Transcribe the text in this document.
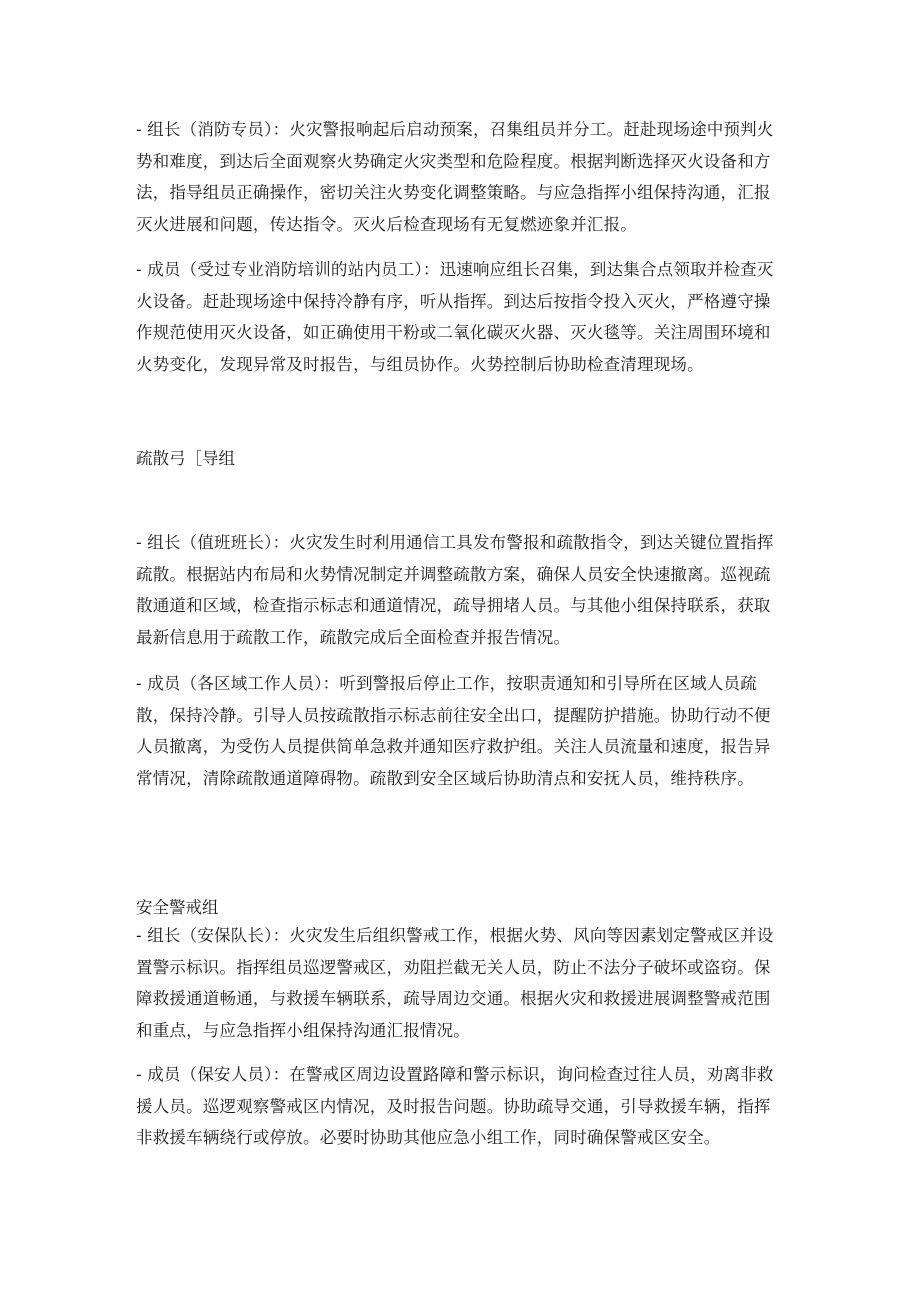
- 组长（消防专员）：火灾警报响起后启动预案，召集组员并分工。赶赴现场途中预判火势和难度，到达后全面观察火势确定火灾类型和危险程度。根据判断选择灭火设备和方法，指导组员正确操作，密切关注火势变化调整策略。与应急指挥小组保持沟通，汇报灭火进展和问题，传达指令。灭火后检查现场有无复燃迹象并汇报。

- 成员（受过专业消防培训的站内员工）：迅速响应组长召集，到达集合点领取并检查灭火设备。赶赴现场途中保持冷静有序，听从指挥。到达后按指令投入灭火，严格遵守操作规范使用灭火设备，如正确使用干粉或二氧化碳灭火器、灭火毯等。关注周围环境和火势变化，发现异常及时报告，与组员协作。火势控制后协助检查清理现场。

疏散弓［导组

- 组长（值班班长）：火灾发生时利用通信工具发布警报和疏散指令，到达关键位置指挥疏散。根据站内布局和火势情况制定并调整疏散方案，确保人员安全快速撤离。巡视疏散通道和区域，检查指示标志和通道情况，疏导拥堵人员。与其他小组保持联系，获取最新信息用于疏散工作，疏散完成后全面检查并报告情况。

- 成员（各区域工作人员）：听到警报后停止工作，按职责通知和引导所在区域人员疏散，保持冷静。引导人员按疏散指示标志前往安全出口，提醒防护措施。协助行动不便人员撤离，为受伤人员提供简单急救并通知医疗救护组。关注人员流量和速度，报告异常情况，清除疏散通道障碍物。疏散到安全区域后协助清点和安抚人员，维持秩序。

安全警戒组

- 组长（安保队长）：火灾发生后组织警戒工作，根据火势、风向等因素划定警戒区并设置警示标识。指挥组员巡逻警戒区，劝阻拦截无关人员，防止不法分子破坏或盗窃。保障救援通道畅通，与救援车辆联系，疏导周边交通。根据火灾和救援进展调整警戒范围和重点，与应急指挥小组保持沟通汇报情况。

- 成员（保安人员）：在警戒区周边设置路障和警示标识，询问检查过往人员，劝离非救援人员。巡逻观察警戒区内情况，及时报告问题。协助疏导交通，引导救援车辆，指挥非救援车辆绕行或停放。必要时协助其他应急小组工作，同时确保警戒区安全。
